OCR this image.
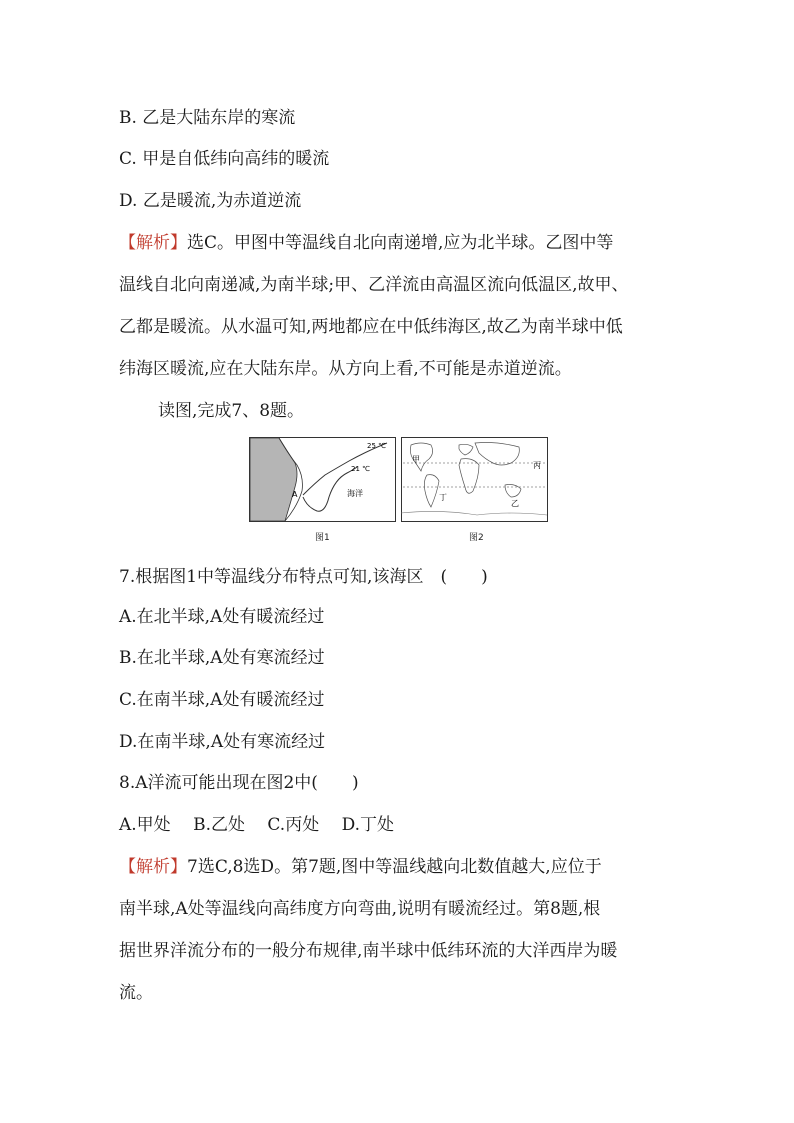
B. 乙是大陆东岸的寒流
C. 甲是自低纬向高纬的暖流
D. 乙是暖流,为赤道逆流
【解析】选C。甲图中等温线自北向南递增,应为北半球。乙图中等
温线自北向南递减,为南半球;甲、乙洋流由高温区流向低温区,故甲、
乙都是暖流。从水温可知,两地都应在中低纬海区,故乙为南半球中低
纬海区暖流,应在大陆东岸。从方向上看,不可能是赤道逆流。
读图,完成7、8题。
25 ℃
21 ℃
A	海洋
图1
甲
丙
丁
乙
图2
7.根据图1中等温线分布特点可知,该海区　(　　)
A.在北半球,A处有暖流经过
B.在北半球,A处有寒流经过
C.在南半球,A处有暖流经过
D.在南半球,A处有寒流经过
8.A洋流可能出现在图2中(　　)
A.甲处　 B.乙处　 C.丙处　 D.丁处
【解析】7选C,8选D。第7题,图中等温线越向北数值越大,应位于
南半球,A处等温线向高纬度方向弯曲,说明有暖流经过。第8题,根
据世界洋流分布的一般分布规律,南半球中低纬环流的大洋西岸为暖
流。
